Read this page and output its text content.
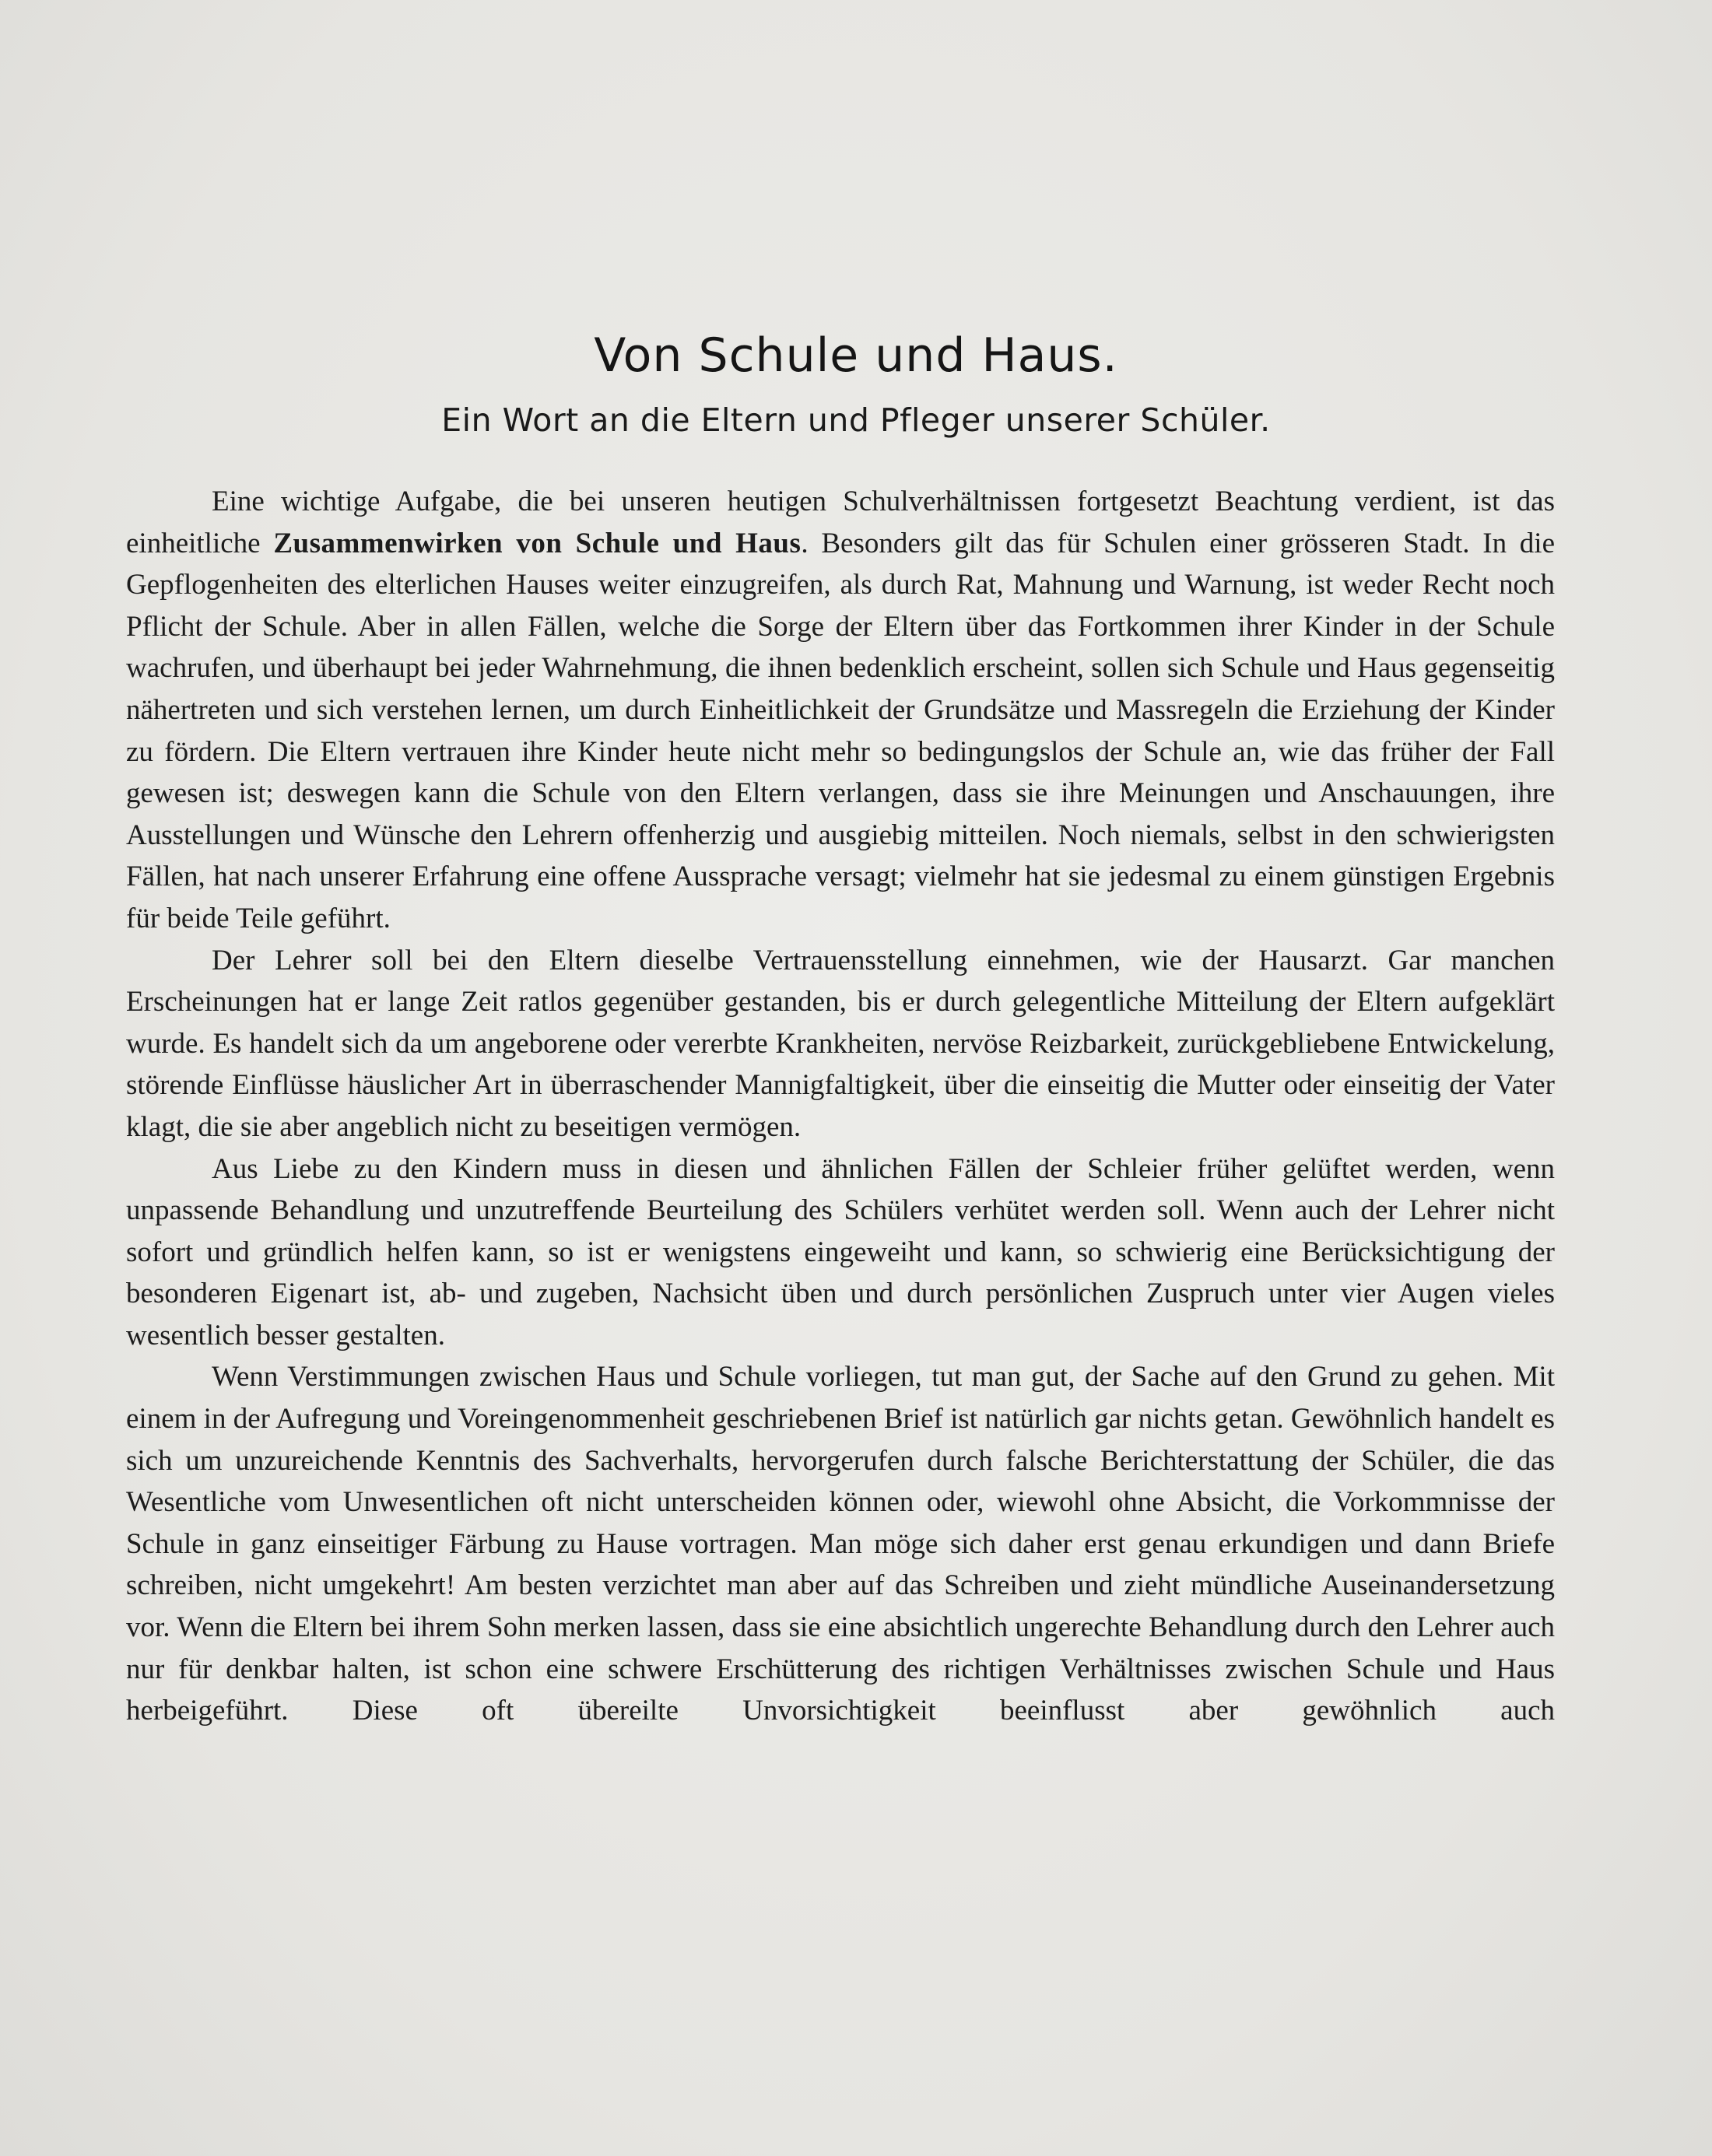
Von Schule und Haus.
Ein Wort an die Eltern und Pfleger unserer Schüler.

Eine wichtige Aufgabe, die bei unseren heutigen Schulverhältnissen fortgesetzt Beachtung verdient, ist das einheitliche Zusammenwirken von Schule und Haus. Besonders gilt das für Schulen einer grösseren Stadt. In die Gepflogenheiten des elterlichen Hauses weiter einzugreifen, als durch Rat, Mahnung und Warnung, ist weder Recht noch Pflicht der Schule. Aber in allen Fällen, welche die Sorge der Eltern über das Fortkommen ihrer Kinder in der Schule wachrufen, und überhaupt bei jeder Wahrnehmung, die ihnen bedenklich erscheint, sollen sich Schule und Haus gegenseitig nähertreten und sich verstehen lernen, um durch Einheitlichkeit der Grundsätze und Massregeln die Erziehung der Kinder zu fördern. Die Eltern vertrauen ihre Kinder heute nicht mehr so bedingungslos der Schule an, wie das früher der Fall gewesen ist; deswegen kann die Schule von den Eltern verlangen, dass sie ihre Meinungen und Anschauungen, ihre Ausstellungen und Wünsche den Lehrern offenherzig und ausgiebig mitteilen. Noch niemals, selbst in den schwierigsten Fällen, hat nach unserer Erfahrung eine offene Aussprache versagt; vielmehr hat sie jedesmal zu einem günstigen Ergebnis für beide Teile geführt.

Der Lehrer soll bei den Eltern dieselbe Vertrauensstellung einnehmen, wie der Hausarzt. Gar manchen Erscheinungen hat er lange Zeit ratlos gegenüber gestanden, bis er durch gelegentliche Mitteilung der Eltern aufgeklärt wurde. Es handelt sich da um angeborene oder vererbte Krankheiten, nervöse Reizbarkeit, zurückgebliebene Entwickelung, störende Einflüsse häuslicher Art in überraschender Mannigfaltigkeit, über die einseitig die Mutter oder einseitig der Vater klagt, die sie aber angeblich nicht zu beseitigen vermögen.

Aus Liebe zu den Kindern muss in diesen und ähnlichen Fällen der Schleier früher gelüftet werden, wenn unpassende Behandlung und unzutreffende Beurteilung des Schülers verhütet werden soll. Wenn auch der Lehrer nicht sofort und gründlich helfen kann, so ist er wenigstens eingeweiht und kann, so schwierig eine Berücksichtigung der besonderen Eigenart ist, ab- und zugeben, Nachsicht üben und durch persönlichen Zuspruch unter vier Augen vieles wesentlich besser gestalten.

Wenn Verstimmungen zwischen Haus und Schule vorliegen, tut man gut, der Sache auf den Grund zu gehen. Mit einem in der Aufregung und Voreingenommenheit geschriebenen Brief ist natürlich gar nichts getan. Gewöhnlich handelt es sich um unzureichende Kenntnis des Sachverhalts, hervorgerufen durch falsche Berichterstattung der Schüler, die das Wesentliche vom Unwesentlichen oft nicht unterscheiden können oder, wiewohl ohne Absicht, die Vorkommnisse der Schule in ganz einseitiger Färbung zu Hause vortragen. Man möge sich daher erst genau erkundigen und dann Briefe schreiben, nicht umgekehrt! Am besten verzichtet man aber auf das Schreiben und zieht mündliche Auseinandersetzung vor. Wenn die Eltern bei ihrem Sohn merken lassen, dass sie eine absichtlich ungerechte Behandlung durch den Lehrer auch nur für denkbar halten, ist schon eine schwere Erschütterung des richtigen Verhältnisses zwischen Schule und Haus herbeigeführt. Diese oft übereilte Unvorsichtigkeit beeinflusst aber gewöhnlich auch
